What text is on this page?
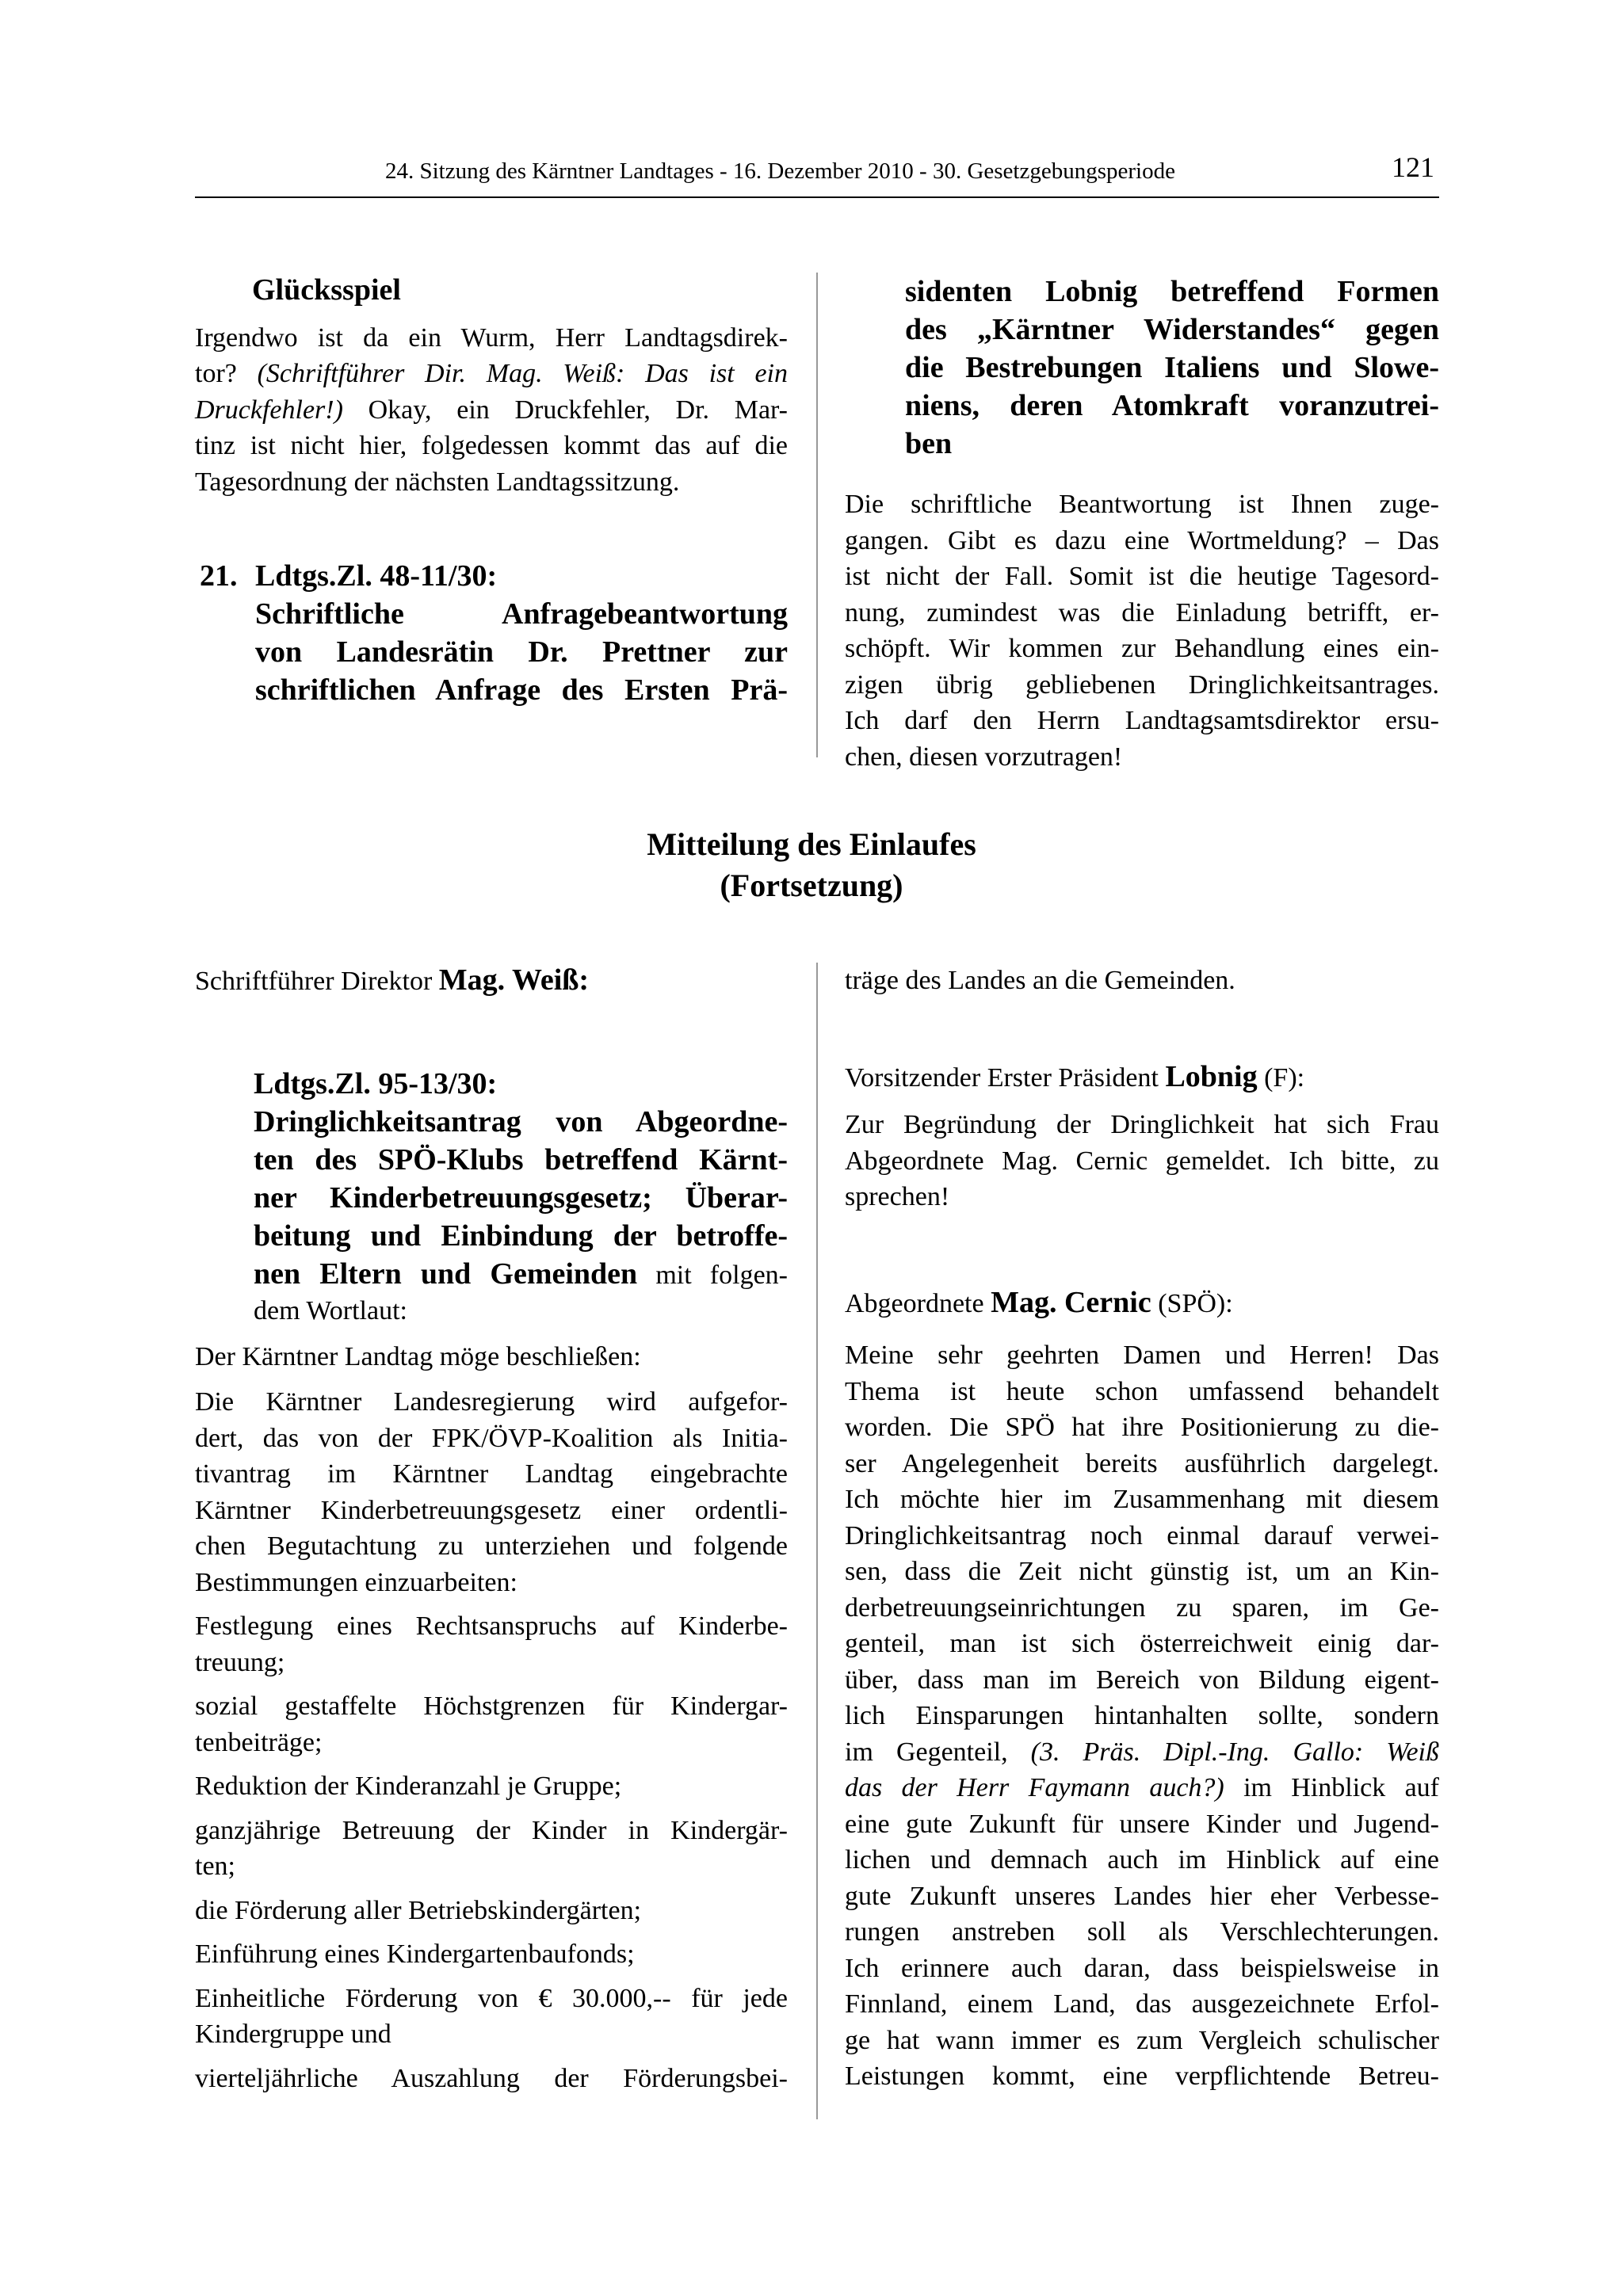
24. Sitzung des Kärntner Landtages - 16. Dezember 2010 - 30. Gesetzgebungsperiode	121

Glücksspiel

Irgendwo ist da ein Wurm, Herr Landtagsdirek-

tor? (Schriftführer Dir. Mag. Weiß: Das ist ein

Druckfehler!) Okay, ein Druckfehler, Dr. Mar-

tinz ist nicht hier, folgedessen kommt das auf die

Tagesordnung der nächsten Landtagssitzung.

21. Ldtgs.Zl. 48-11/30:

Schriftliche Anfragebeantwortung

von Landesrätin Dr. Prettner zur

schriftlichen Anfrage des Ersten Prä-

sidenten Lobnig betreffend Formen

des „Kärntner Widerstandes“ gegen

die Bestrebungen Italiens und Slowe-

niens, deren Atomkraft voranzutrei-

ben

Die schriftliche Beantwortung ist Ihnen zuge-

gangen. Gibt es dazu eine Wortmeldung? – Das

ist nicht der Fall. Somit ist die heutige Tagesord-

nung, zumindest was die Einladung betrifft, er-

schöpft. Wir kommen zur Behandlung eines ein-

zigen übrig gebliebenen Dringlichkeitsantrages.

Ich darf den Herrn Landtagsamtsdirektor ersu-

chen, diesen vorzutragen!

Mitteilung des Einlaufes
(Fortsetzung)

Schriftführer Direktor Mag. Weiß:

Ldtgs.Zl. 95-13/30:

Dringlichkeitsantrag von Abgeordne-

ten des SPÖ-Klubs betreffend Kärnt-

ner Kinderbetreuungsgesetz; Überar-

beitung und Einbindung der betroffe-

nen Eltern und Gemeinden mit folgen-

dem Wortlaut:

Der Kärntner Landtag möge beschließen:

Die Kärntner Landesregierung wird aufgefor-

dert, das von der FPK/ÖVP-Koalition als Initia-

tivantrag im Kärntner Landtag eingebrachte

Kärntner Kinderbetreuungsgesetz einer ordentli-

chen Begutachtung zu unterziehen und folgende

Bestimmungen einzuarbeiten:

Festlegung eines Rechtsanspruchs auf Kinderbe-

treuung;

sozial gestaffelte Höchstgrenzen für Kindergar-

tenbeiträge;

Reduktion der Kinderanzahl je Gruppe;

ganzjährige Betreuung der Kinder in Kindergär-

ten;

die Förderung aller Betriebskindergärten;

Einführung eines Kindergartenbaufonds;

Einheitliche Förderung von € 30.000,-- für jede

Kindergruppe und

vierteljährliche Auszahlung der Förderungsbei-

träge des Landes an die Gemeinden.

Vorsitzender Erster Präsident Lobnig (F):

Zur Begründung der Dringlichkeit hat sich Frau

Abgeordnete Mag. Cernic gemeldet. Ich bitte, zu

sprechen!

Abgeordnete Mag. Cernic (SPÖ):

Meine sehr geehrten Damen und Herren! Das

Thema ist heute schon umfassend behandelt

worden. Die SPÖ hat ihre Positionierung zu die-

ser Angelegenheit bereits ausführlich dargelegt.

Ich möchte hier im Zusammenhang mit diesem

Dringlichkeitsantrag noch einmal darauf verwei-

sen, dass die Zeit nicht günstig ist, um an Kin-

derbetreuungseinrichtungen zu sparen, im Ge-

genteil, man ist sich österreichweit einig dar-

über, dass man im Bereich von Bildung eigent-

lich Einsparungen hintanhalten sollte, sondern

im Gegenteil, (3. Präs. Dipl.-Ing. Gallo: Weiß

das der Herr Faymann auch?) im Hinblick auf

eine gute Zukunft für unsere Kinder und Jugend-

lichen und demnach auch im Hinblick auf eine

gute Zukunft unseres Landes hier eher Verbesse-

rungen anstreben soll als Verschlechterungen.

Ich erinnere auch daran, dass beispielsweise in

Finnland, einem Land, das ausgezeichnete Erfol-

ge hat wann immer es zum Vergleich schulischer

Leistungen kommt, eine verpflichtende Betreu-
